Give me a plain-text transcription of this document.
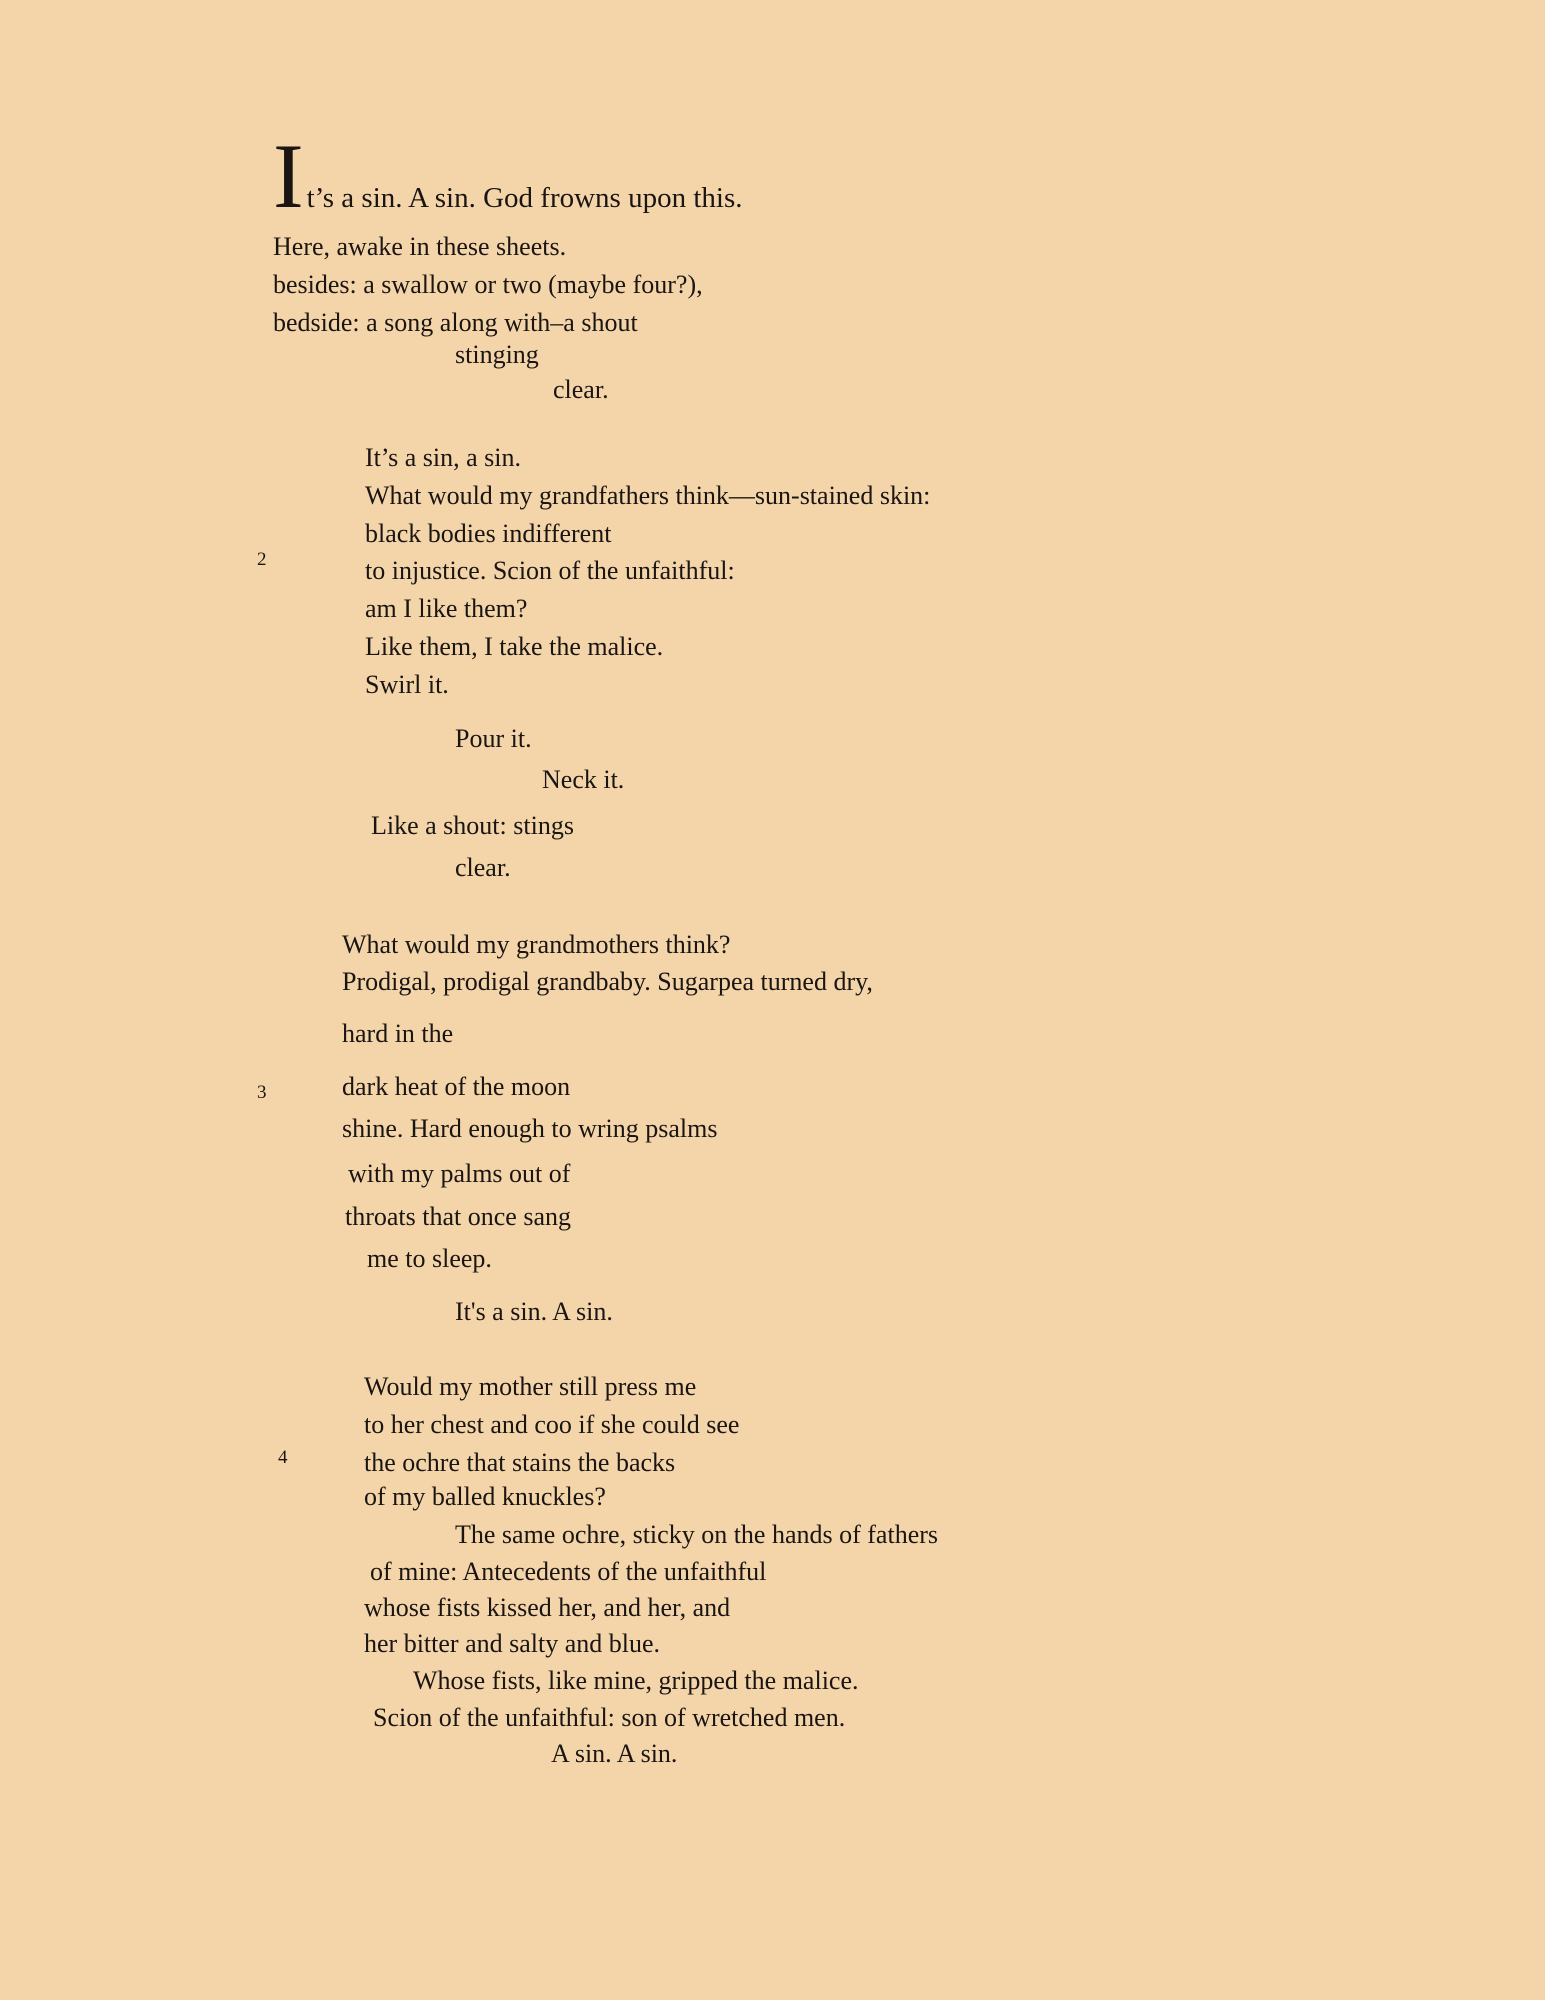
It’s a sin. A sin. God frowns upon this.
Here, awake in these sheets.
besides: a swallow or two (maybe four?),
bedside: a song along with–a shout
stinging
clear.
2
It’s a sin, a sin.
What would my grandfathers think—sun-stained skin:
black bodies indifferent
to injustice. Scion of the unfaithful:
am I like them?
Like them, I take the malice.
Swirl it.
Pour it.
Neck it.
Like a shout: stings
clear.
3
What would my grandmothers think?
Prodigal, prodigal grandbaby. Sugarpea turned dry,
hard in the
dark heat of the moon
shine. Hard enough to wring psalms
with my palms out of
throats that once sang
me to sleep.
It's a sin. A sin.
4
Would my mother still press me
to her chest and coo if she could see
the ochre that stains the backs
of my balled knuckles?
The same ochre, sticky on the hands of fathers
of mine: Antecedents of the unfaithful
whose fists kissed her, and her, and
her bitter and salty and blue.
Whose fists, like mine, gripped the malice.
Scion of the unfaithful: son of wretched men.
A sin. A sin.
